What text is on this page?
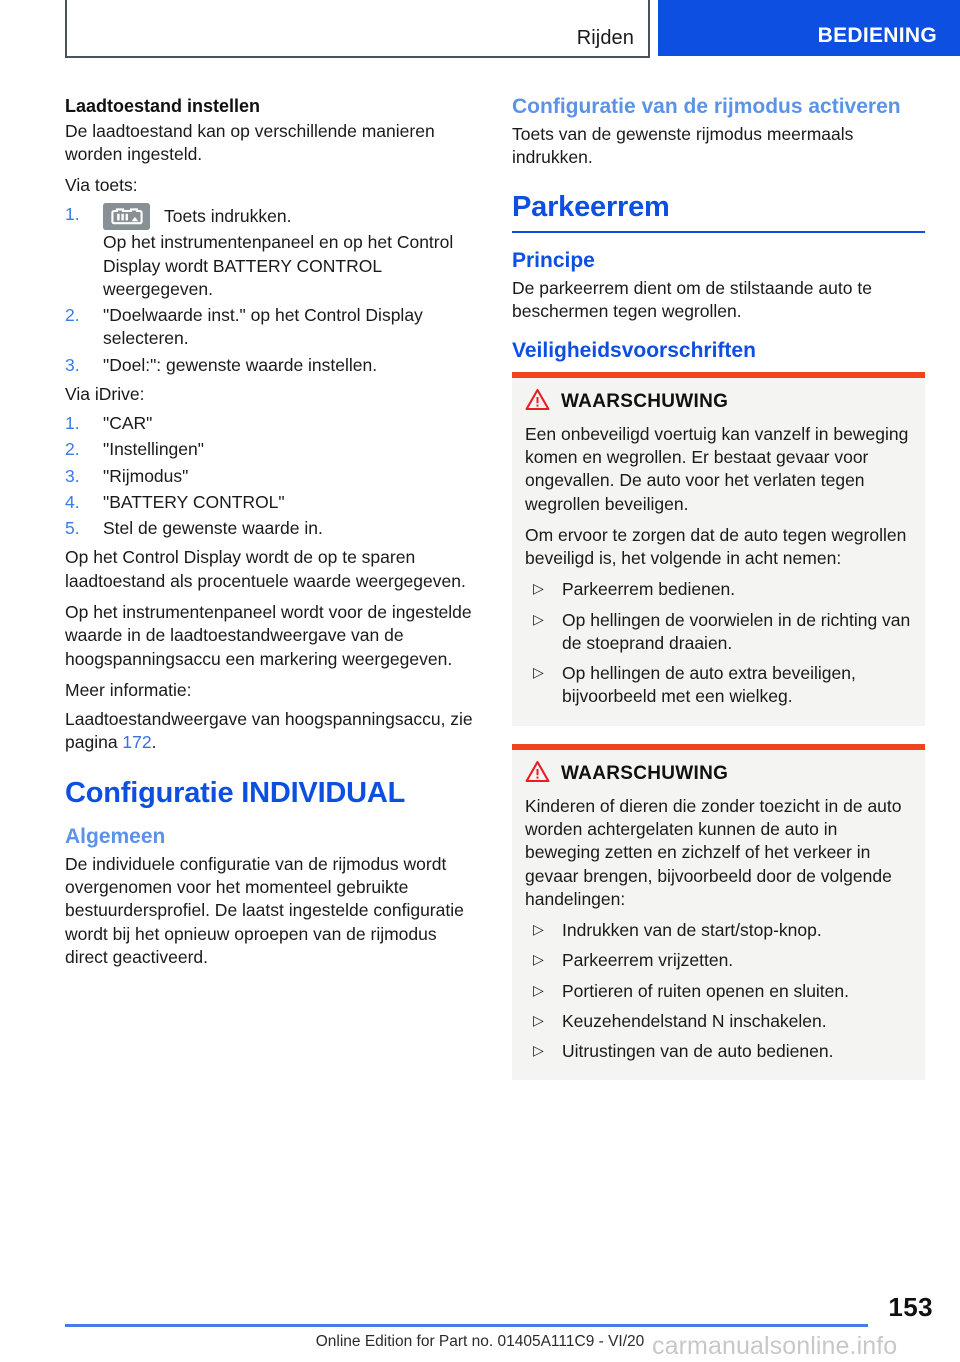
Rijden	BEDIENING
Laadtoestand instellen

De laadtoestand kan op verschillende manieren worden ingesteld.

Via toets:

Toets indrukken.
Op het instrumentenpaneel en op het Control Display wordt BATTERY CONTROL weergegeven.
"Doelwaarde inst." op het Control Display selecteren.
"Doel:": gewenste waarde instellen.

Via iDrive:

"CAR"
"Instellingen"
"Rijmodus"
"BATTERY CONTROL"
Stel de gewenste waarde in.

Op het Control Display wordt de op te sparen laadtoestand als procentuele waarde weergegeven.

Op het instrumentenpaneel wordt voor de ingestelde waarde in de laadtoestandweergave van de hoogspanningsaccu een markering weergegeven.

Meer informatie:

Laadtoestandweergave van hoogspanningsaccu, zie pagina 172.

Configuratie INDIVIDUAL
Algemeen

De individuele configuratie van de rijmodus wordt overgenomen voor het momenteel gebruikte bestuurdersprofiel. De laatst ingestelde configuratie wordt bij het opnieuw oproepen van de rijmodus direct geactiveerd.

Configuratie van de rijmodus activeren

Toets van de gewenste rijmodus meermaals indrukken.

Parkeerrem
Principe

De parkeerrem dient om de stilstaande auto te beschermen tegen wegrollen.

Veiligheidsvoorschriften
WAARSCHUWING

Een onbeveiligd voertuig kan vanzelf in beweging komen en wegrollen. Er bestaat gevaar voor ongevallen. De auto voor het verlaten tegen wegrollen beveiligen.

Om ervoor te zorgen dat de auto tegen wegrollen beveiligd is, het volgende in acht nemen:

▷ Parkeerrem bedienen.
▷ Op hellingen de voorwielen in de richting van de stoeprand draaien.
▷ Op hellingen de auto extra beveiligen, bijvoorbeeld met een wielkeg.
WAARSCHUWING

Kinderen of dieren die zonder toezicht in de auto worden achtergelaten kunnen de auto in beweging zetten en zichzelf of het verkeer in gevaar brengen, bijvoorbeeld door de volgende handelingen:

▷ Indrukken van de start/stop-knop.
▷ Parkeerrem vrijzetten.
▷ Portieren of ruiten openen en sluiten.
▷ Keuzehendelstand N inschakelen.
▷ Uitrustingen van de auto bedienen.
153
Online Edition for Part no. 01405A111C9 - VI/20 carmanualsonline.info
